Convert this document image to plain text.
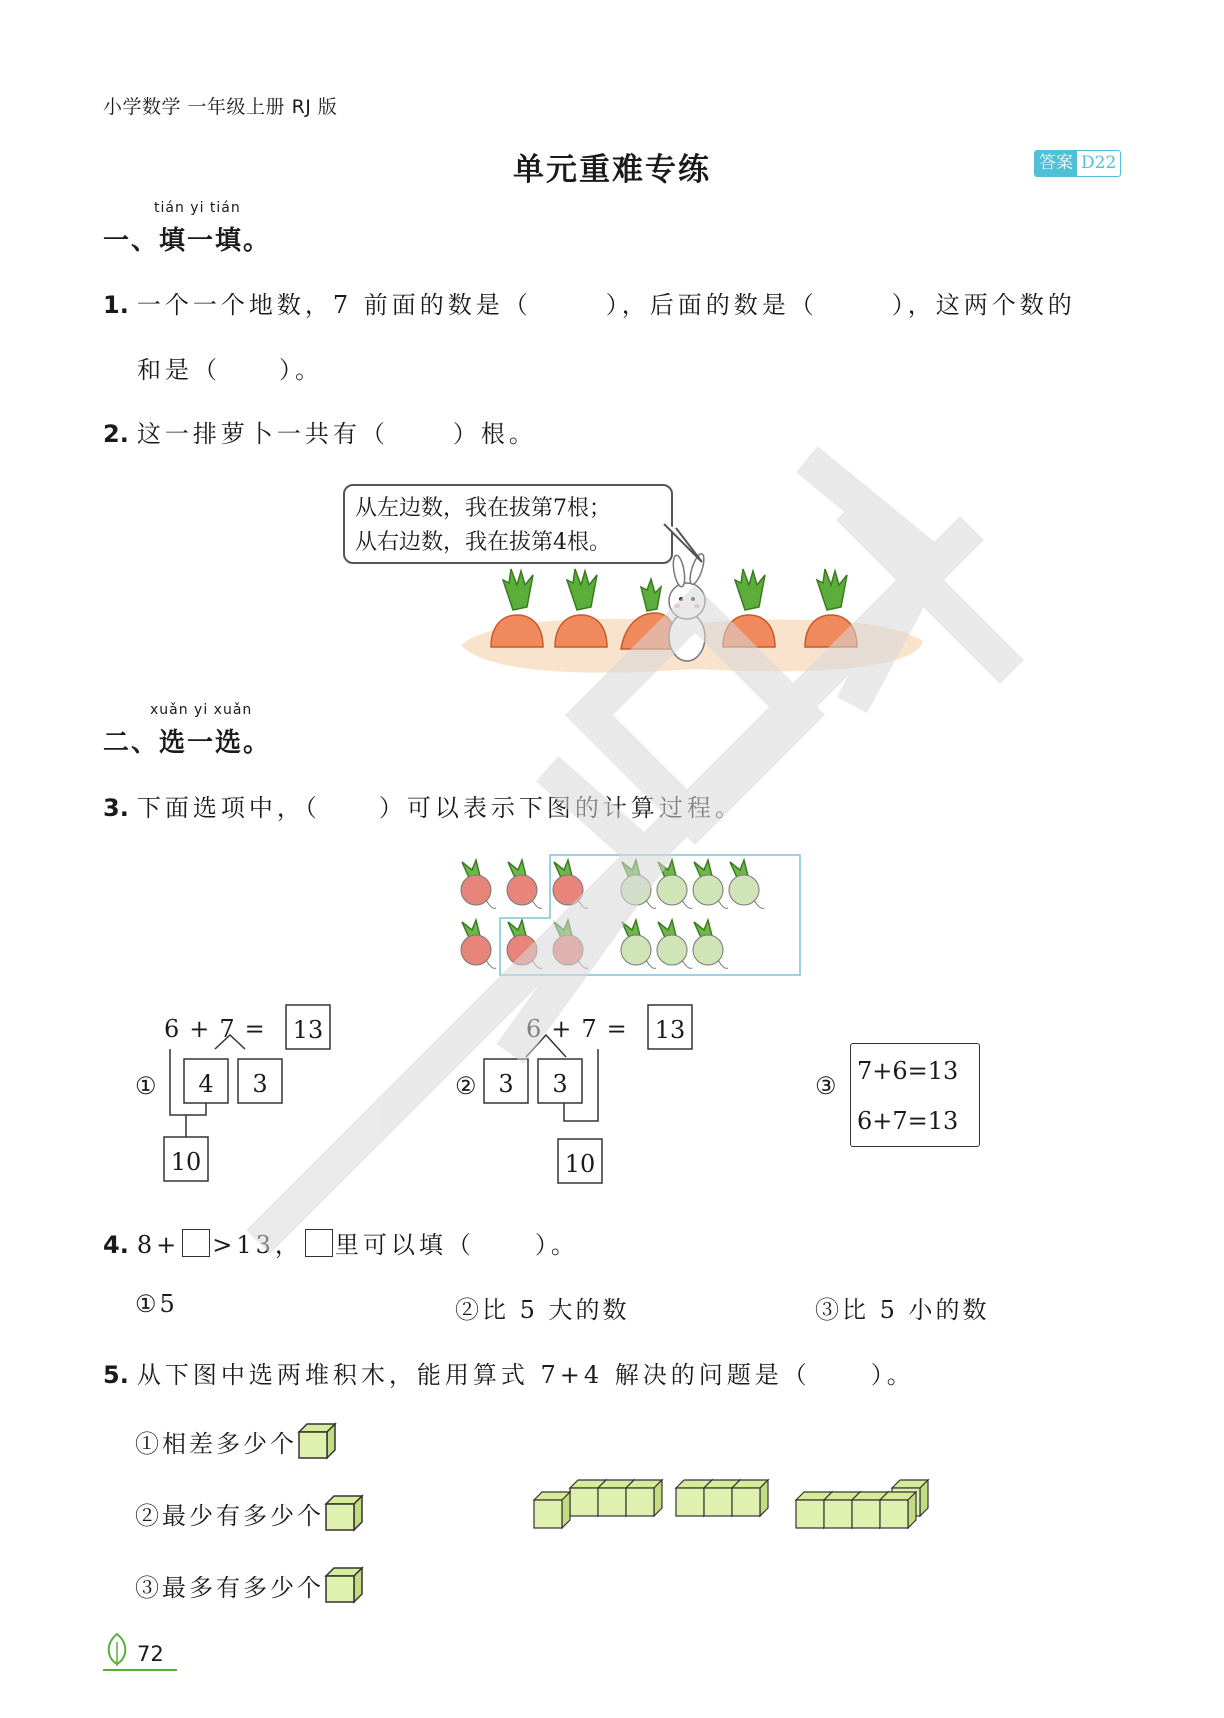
小学数学 一年级上册 RJ 版
单元重难专练	答案 D22
tián yi tián
一、填一填。
1. 一个一个地数，7 前面的数是（	），后面的数是（	），这两个数的
和是（ ）。
2. 这一排萝卜一共有（	）根。
从左边数，我在拔第7根；
从右边数，我在拔第4根。
xuǎn yi xuǎn
二、选一选。
3. 下面选项中，（ ）可以表示下图的计算过程。
6 + 7 =
①
13
4	3
10
6 + 7 =
②
13
3	3
10
③
7+6=13
6+7=13
4. 8+ >13， 里可以填（	）。
①5	②比 5 大的数	③比 5 小的数
5. 从下图中选两堆积木，能用算式 7+4 解决的问题是（	）。
①相差多少个
②最少有多少个
③最多有多少个
72
